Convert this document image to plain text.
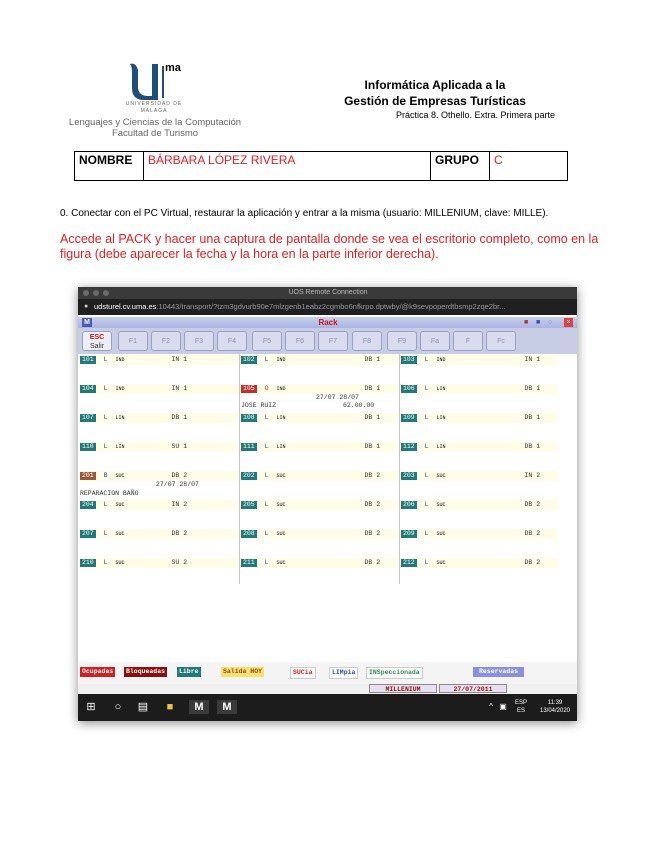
ma
UNIVERSIDAD DE MÁLAGA
Lenguajes y Ciencias de la Computación
Facultad de Turismo
Informática Aplicada a la
Gestión de Empresas Turísticas
Práctica 8. Othello. Extra. Primera parte
NOMBRE	BÁRBARA LÓPEZ RIVERA	GRUPO	C
0. Conectar con el PC Virtual, restaurar la aplicación y entrar a la misma (usuario: MILLENIUM, clave: MILLE).
Accede al PACK y hacer una captura de pantalla donde se vea el escritorio completo, como en la figura (debe aparecer la fecha y la hora en la parte inferior derecha).
UOS Remote Connection
● udsturel.cv.uma.es:10443/transport/?tzm3gdvurb90e7mlzgenb1eabz2cgmbo6nfkrpo.dptwby/@k9sevpoperdtbsmp2zqe2br...
M	Rack	■ ■ ○	×
ESC
Salir
F1	F2	F3	F4	F5	F6	F7	F8	F9	Fa	F	Fc
101 L IND	IN 1	102 L IND	DB 1	103 L IND	IN 1
104 L IND	IN 1	105 O IND	DB 1	106 L LIN	DB 1
27/07 28/07
JOSE RUIZ	62.00.00
107 L LIN	DB 1	108 L LIN	DB 1	109 L LIN	DB 1
110 L LIN	SU 1	111 L LIN	DB 1	112 L LIN	DB 1
201 B SUC	DB 2	202 L SUC	DB 2	203 L SUC	IN 2
27/07 28/07
REPARACION BAÑO
204 L SUC	IN 2	205 L SUC	DB 2	206 L SUC	DB 2
207 L SUC	DB 2	208 L SUC	DB 2	209 L SUC	DB 2
210 L SUC	SU 2	211 L SUC	DB 2	212 L SUC	DB 2
Ocupadas	Bloqueadas	Libre	Salida HOY	SUCia	LIMpia	INSpeccionada	Reservadas
MILLENIUM	27/07/2011
⊞	○	▤	■	M	M	^ ▣	ESP
ES
11:39
13/04/2020
